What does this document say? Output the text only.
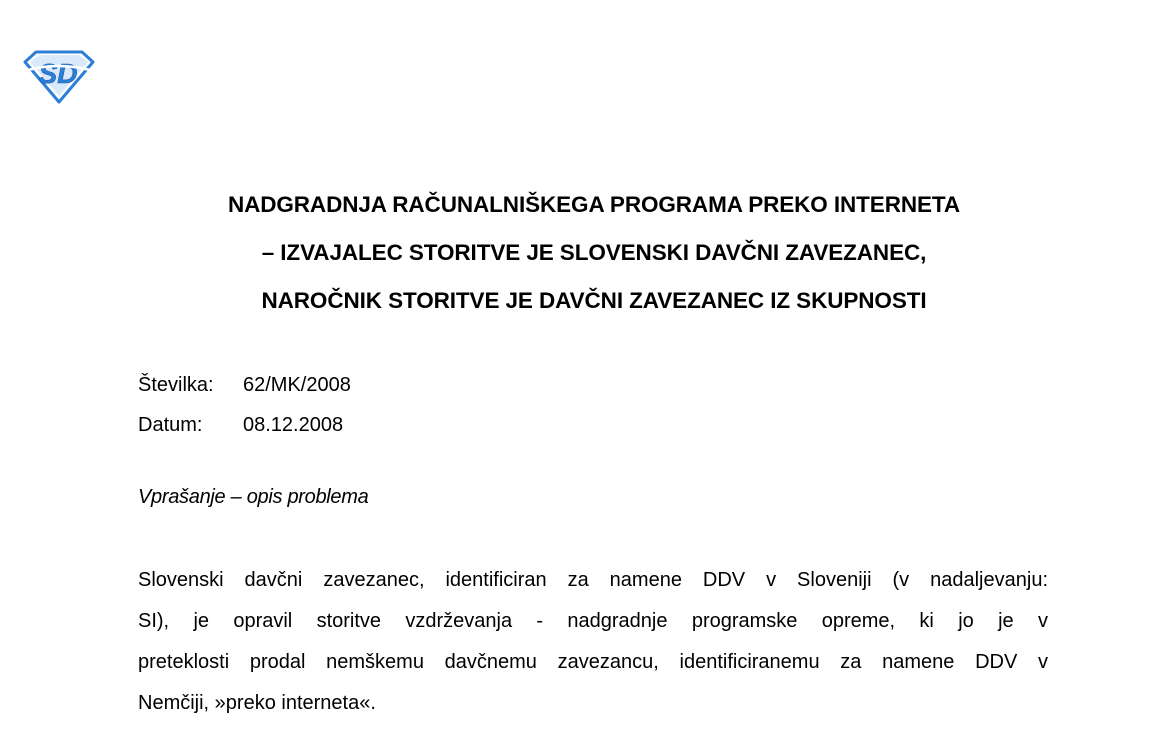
SD
NADGRADNJA RAČUNALNIŠKEGA PROGRAMA PREKO INTERNETA
– IZVAJALEC STORITVE JE SLOVENSKI DAVČNI ZAVEZANEC,
NAROČNIK STORITVE JE DAVČNI ZAVEZANEC IZ SKUPNOSTI
Številka:	62/MK/2008
Datum:	08.12.2008
Vprašanje – opis problema
Slovenski davčni zavezanec, identificiran za namene DDV v Sloveniji (v nadaljevanju:
SI), je opravil storitve vzdrževanja - nadgradnje programske opreme, ki jo je v
preteklosti prodal nemškemu davčnemu zavezancu, identificiranemu za namene DDV v
Nemčiji, »preko interneta«.
